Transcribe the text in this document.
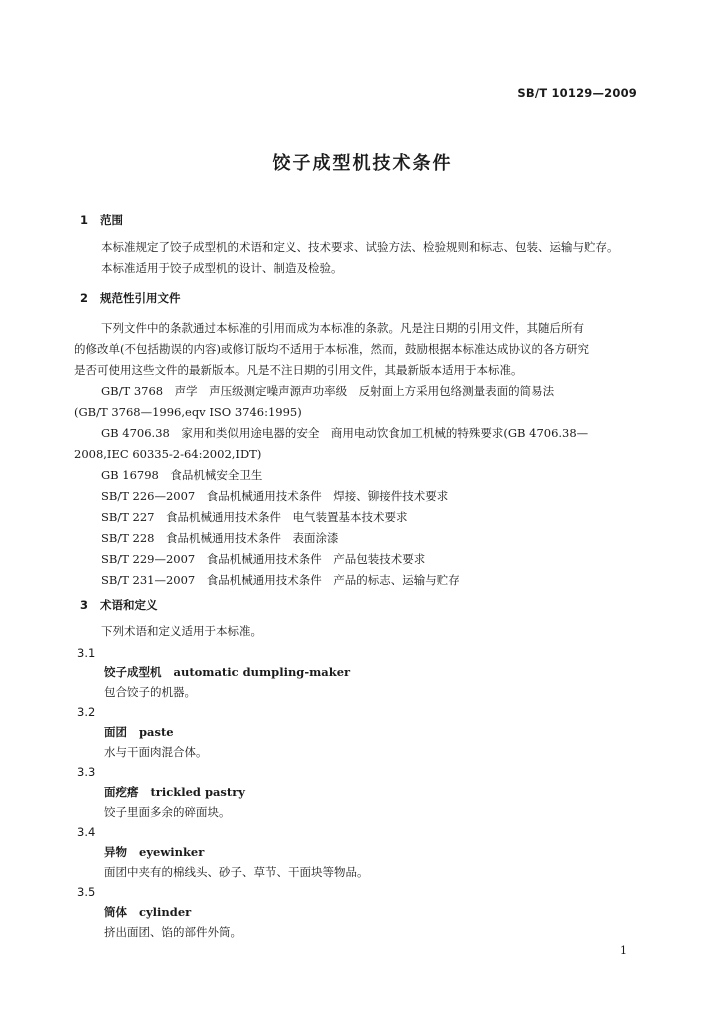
SB/T 10129—2009
饺子成型机技术条件
1 范围

本标准规定了饺子成型机的术语和定义、技术要求、试验方法、检验规则和标志、包装、运输与贮存。

本标准适用于饺子成型机的设计、制造及检验。

2 规范性引用文件

下列文件中的条款通过本标准的引用而成为本标准的条款。凡是注日期的引用文件，其随后所有

的修改单(不包括勘误的内容)或修订版均不适用于本标准，然而，鼓励根据本标准达成协议的各方研究

是否可使用这些文件的最新版本。凡是不注日期的引用文件，其最新版本适用于本标准。

GB/T 3768　声学　声压级测定噪声源声功率级　反射面上方采用包络测量表面的简易法

(GB/T 3768—1996,eqv ISO 3746:1995)

GB 4706.38　家用和类似用途电器的安全　商用电动饮食加工机械的特殊要求(GB 4706.38—

2008,IEC 60335-2-64:2002,IDT)

GB 16798　食品机械安全卫生

SB/T 226—2007　食品机械通用技术条件　焊接、铆接件技术要求

SB/T 227　食品机械通用技术条件　电气装置基本技术要求

SB/T 228　食品机械通用技术条件　表面涂漆

SB/T 229—2007　食品机械通用技术条件　产品包装技术要求

SB/T 231—2007　食品机械通用技术条件　产品的标志、运输与贮存

3 术语和定义

下列术语和定义适用于本标准。

3.1
饺子成型机 automatic dumpling-maker
包合饺子的机器。
3.2
面团 paste
水与干面肉混合体。
3.3
面疙瘩 trickled pastry
饺子里面多余的碎面块。
3.4
异物 eyewinker
面团中夹有的棉线头、砂子、草节、干面块等物品。
3.5
筒体 cylinder
挤出面团、馅的部件外筒。
1
